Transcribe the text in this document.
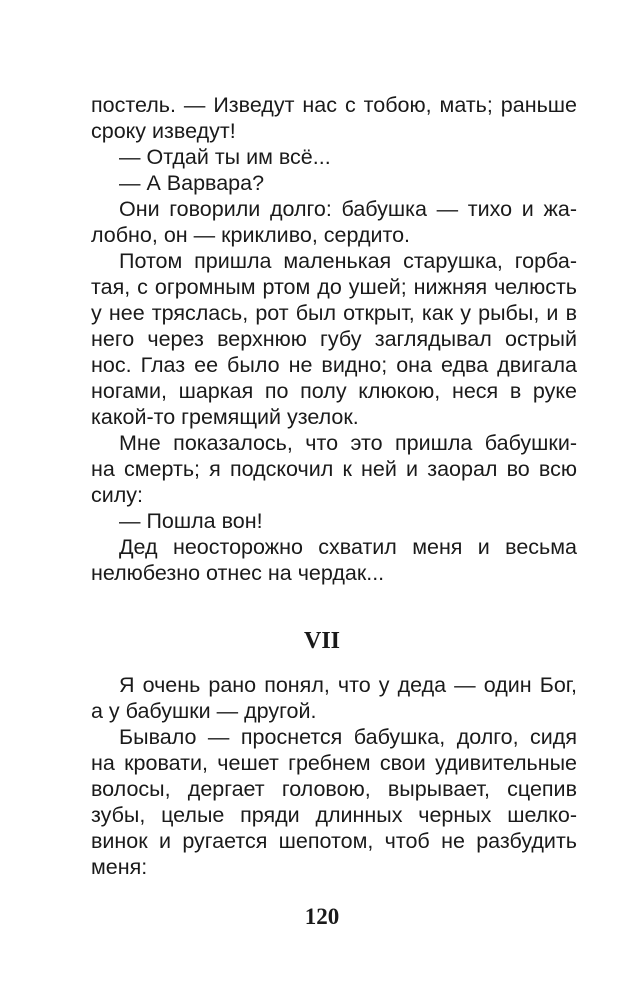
постель. — Изведут нас с тобою, мать; раньше
сроку изведут!
— Отдай ты им всё...
— А Варвара?
Они говорили долго: бабушка — тихо и жа-
лобно, он — крикливо, сердито.
Потом пришла маленькая старушка, горба-
тая, с огромным ртом до ушей; нижняя челюсть
у нее тряслась, рот был открыт, как у рыбы, и в
него через верхнюю губу заглядывал острый
нос. Глаз ее было не видно; она едва двигала
ногами, шаркая по полу клюкою, неся в руке
какой-то гремящий узелок.
Мне показалось, что это пришла бабушки-
на смерть; я подскочил к ней и заорал во всю
силу:
— Пошла вон!
Дед неосторожно схватил меня и весьма
нелюбезно отнес на чердак...
VII
Я очень рано понял, что у деда — один Бог,
а у бабушки — другой.
Бывало — проснется бабушка, долго, сидя
на кровати, чешет гребнем свои удивительные
волосы, дергает головою, вырывает, сцепив
зубы, целые пряди длинных черных шелко-
винок и ругается шепотом, чтоб не разбудить
меня:
120
